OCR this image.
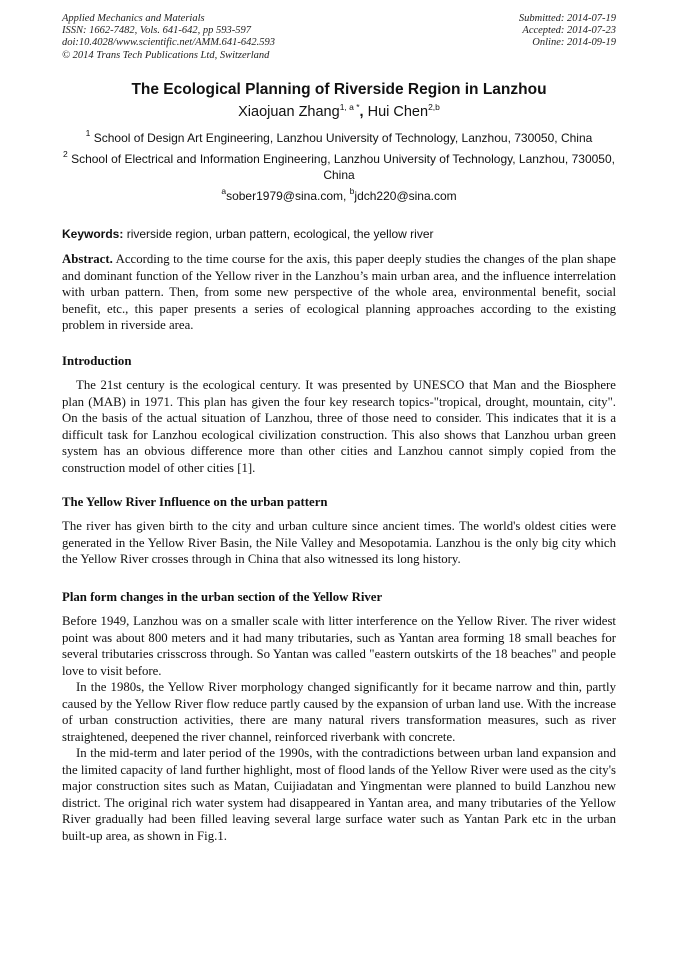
Applied Mechanics and Materials
ISSN: 1662-7482, Vols. 641-642, pp 593-597
doi:10.4028/www.scientific.net/AMM.641-642.593
© 2014 Trans Tech Publications Ltd, Switzerland
Submitted: 2014-07-19
Accepted: 2014-07-23
Online: 2014-09-19
The Ecological Planning of Riverside Region in Lanzhou
Xiaojuan Zhang$^{1, a *}$, Hui Chen$^{2,b}$
$^1$ School of Design Art Engineering, Lanzhou University of Technology, Lanzhou, 730050, China
$^2$ School of Electrical and Information Engineering, Lanzhou University of Technology, Lanzhou, 730050, China
$^a$sober1979@sina.com, $^b$jdch220@sina.com
Keywords: riverside region, urban pattern, ecological, the yellow river

Abstract. According to the time course for the axis, this paper deeply studies the changes of the plan shape and dominant function of the Yellow river in the Lanzhou’s main urban area, and the influence interrelation with urban pattern. Then, from some new perspective of the whole area, environmental benefit, social benefit, etc., this paper presents a series of ecological planning approaches according to the existing problem in riverside area.

Introduction

The 21st century is the ecological century. It was presented by UNESCO that Man and the Biosphere plan (MAB) in 1971. This plan has given the four key research topics-"tropical, drought, mountain, city". On the basis of the actual situation of Lanzhou, three of those need to consider. This indicates that it is a difficult task for Lanzhou ecological civilization construction. This also shows that Lanzhou urban green system has an obvious difference more than other cities and Lanzhou cannot simply copied from the construction model of other cities [1].

The Yellow River Influence on the urban pattern

The river has given birth to the city and urban culture since ancient times. The world's oldest cities were generated in the Yellow River Basin, the Nile Valley and Mesopotamia. Lanzhou is the only big city which the Yellow River crosses through in China that also witnessed its long history.

Plan form changes in the urban section of the Yellow River

Before 1949, Lanzhou was on a smaller scale with litter interference on the Yellow River. The river widest point was about 800 meters and it had many tributaries, such as Yantan area forming 18 small beaches for several tributaries crisscross through. So Yantan was called "eastern outskirts of the 18 beaches" and people love to visit before.

In the 1980s, the Yellow River morphology changed significantly for it became narrow and thin, partly caused by the Yellow River flow reduce partly caused by the expansion of urban land use. With the increase of urban construction activities, there are many natural rivers transformation measures, such as river straightened, deepened the river channel, reinforced riverbank with concrete.

In the mid-term and later period of the 1990s, with the contradictions between urban land expansion and the limited capacity of land further highlight, most of flood lands of the Yellow River were used as the city's major construction sites such as Matan, Cuijiadatan and Yingmentan were planned to build Lanzhou new district. The original rich water system had disappeared in Yantan area, and many tributaries of the Yellow River gradually had been filled leaving several large surface water such as Yantan Park etc in the urban built-up area, as shown in Fig.1.
